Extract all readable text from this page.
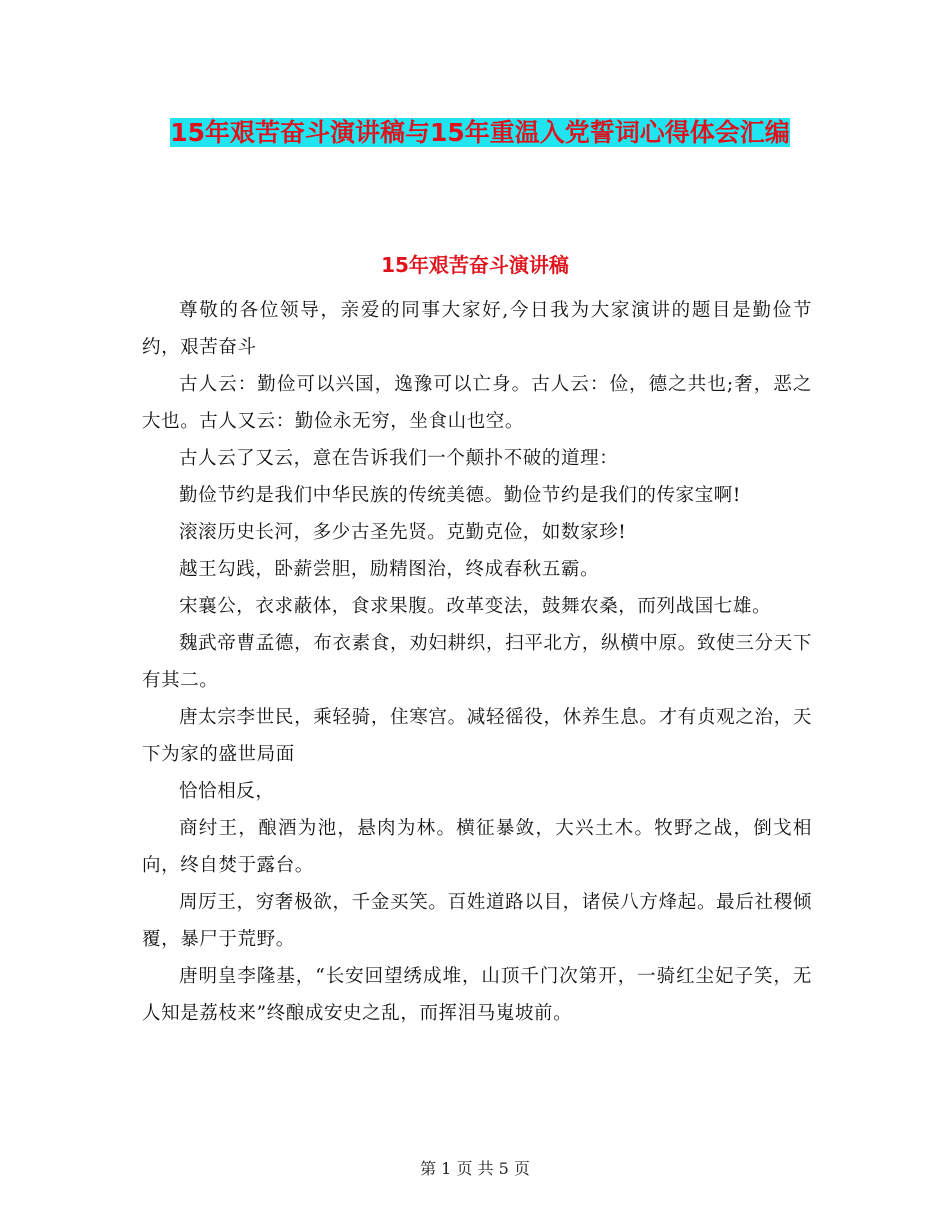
15年艰苦奋斗演讲稿与15年重温入党誓词心得体会汇编
15年艰苦奋斗演讲稿

尊敬的各位领导，亲爱的同事大家好,今日我为大家演讲的题目是勤俭节约，艰苦奋斗

古人云：勤俭可以兴国，逸豫可以亡身。古人云：俭，德之共也;奢，恶之大也。古人又云：勤俭永无穷，坐食山也空。

古人云了又云，意在告诉我们一个颠扑不破的道理：

勤俭节约是我们中华民族的传统美德。勤俭节约是我们的传家宝啊!

滚滚历史长河，多少古圣先贤。克勤克俭，如数家珍!

越王勾践，卧薪尝胆，励精图治，终成春秋五霸。

宋襄公，衣求蔽体，食求果腹。改革变法，鼓舞农桑，而列战国七雄。

魏武帝曹孟德，布衣素食，劝妇耕织，扫平北方，纵横中原。致使三分天下有其二。

唐太宗李世民，乘轻骑，住寒宫。减轻徭役，休养生息。才有贞观之治，天下为家的盛世局面

恰恰相反，

商纣王，酿酒为池，悬肉为林。横征暴敛，大兴土木。牧野之战，倒戈相向，终自焚于露台。

周厉王，穷奢极欲，千金买笑。百姓道路以目，诸侯八方烽起。最后社稷倾覆，暴尸于荒野。

唐明皇李隆基，“长安回望绣成堆，山顶千门次第开，一骑红尘妃子笑，无人知是荔枝来”终酿成安史之乱，而挥泪马嵬坡前。

第 1 页 共 5 页
